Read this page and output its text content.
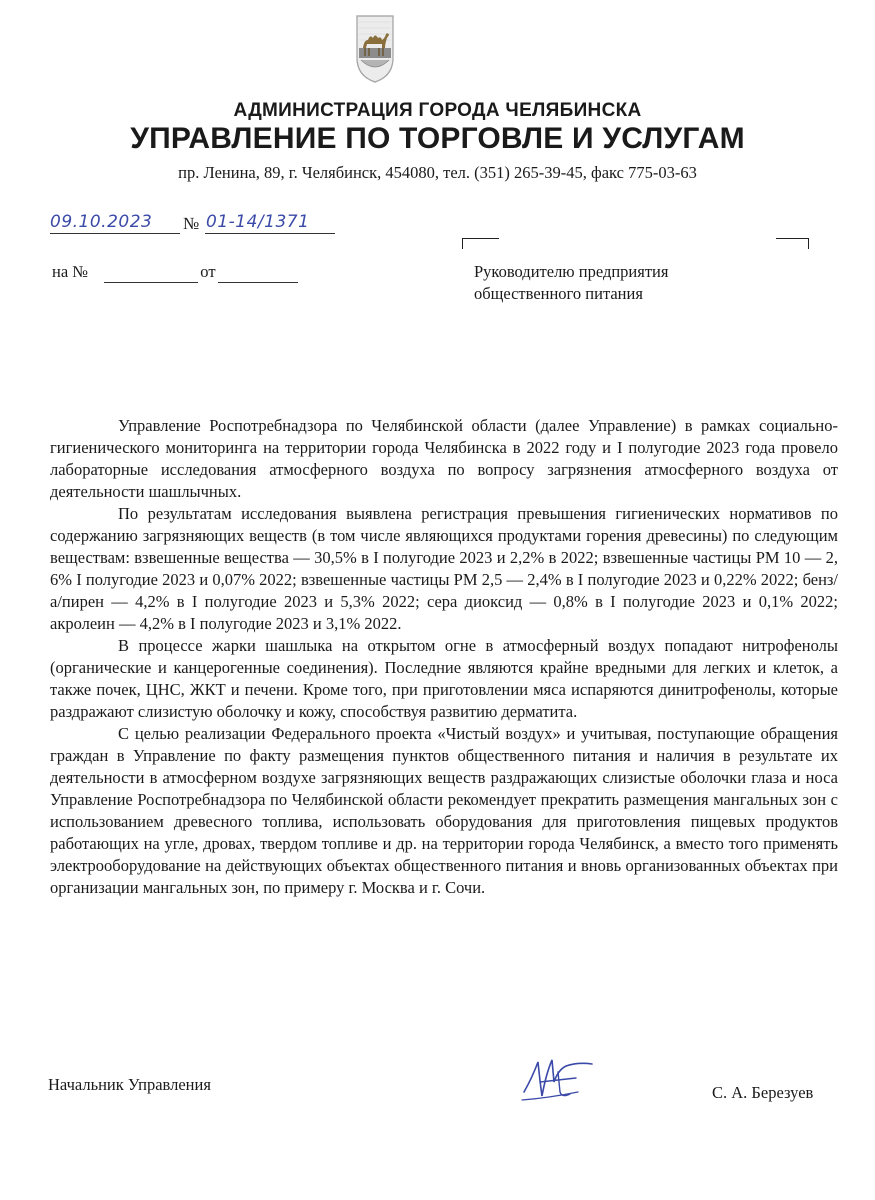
АДМИНИСТРАЦИЯ ГОРОДА ЧЕЛЯБИНСКА
УПРАВЛЕНИЕ ПО ТОРГОВЛЕ И УСЛУГАМ
пр. Ленина, 89, г. Челябинск, 454080, тел. (351) 265-39-45, факс 775-03-63
09.10.2023 № 01-14/1371
на №	от	Руководителю предприятия
общественного питания

Управление Роспотребнадзора по Челябинской области (далее Управление) в рамках социально-гигиенического мониторинга на территории города Челябинска в 2022 году и I полугодие 2023 года провело лабораторные исследования атмосферного воздуха по вопросу загрязнения атмосферного воздуха от деятельности шашлычных.

По результатам исследования выявлена регистрация превышения гигиенических нормативов по содержанию загрязняющих веществ (в том числе являющихся продуктами горения древесины) по следующим веществам: взвешенные вещества — 30,5% в I полугодие 2023 и 2,2% в 2022; взвешенные частицы РМ 10 — 2, 6% I полугодие 2023 и 0,07% 2022; взвешенные частицы РМ 2,5 — 2,4% в I полугодие 2023 и 0,22% 2022; бенз/а/пирен — 4,2% в I полугодие 2023 и 5,3% 2022; сера диоксид — 0,8% в I полугодие 2023 и 0,1% 2022; акролеин — 4,2% в I полугодие 2023 и 3,1% 2022.

В процессе жарки шашлыка на открытом огне в атмосферный воздух попадают нитрофенолы (органические и канцерогенные соединения). Последние являются крайне вредными для легких и клеток, а также почек, ЦНС, ЖКТ и печени. Кроме того, при приготовлении мяса испаряются динитрофенолы, которые раздражают слизистую оболочку и кожу, способствуя развитию дерматита.

С целью реализации Федерального проекта «Чистый воздух» и учитывая, поступающие обращения граждан в Управление по факту размещения пунктов общественного питания и наличия в результате их деятельности в атмосферном воздухе загрязняющих веществ раздражающих слизистые оболочки глаза и носа Управление Роспотребнадзора по Челябинской области рекомендует прекратить размещения мангальных зон с использованием древесного топлива, использовать оборудования для приготовления пищевых продуктов работающих на угле, дровах, твердом топливе и др. на территории города Челябинск, а вместо того применять электрооборудование на действующих объектах общественного питания и вновь организованных объектах при организации мангальных зон, по примеру г. Москва и г. Сочи.

Начальник Управления	С. А. Березуев
